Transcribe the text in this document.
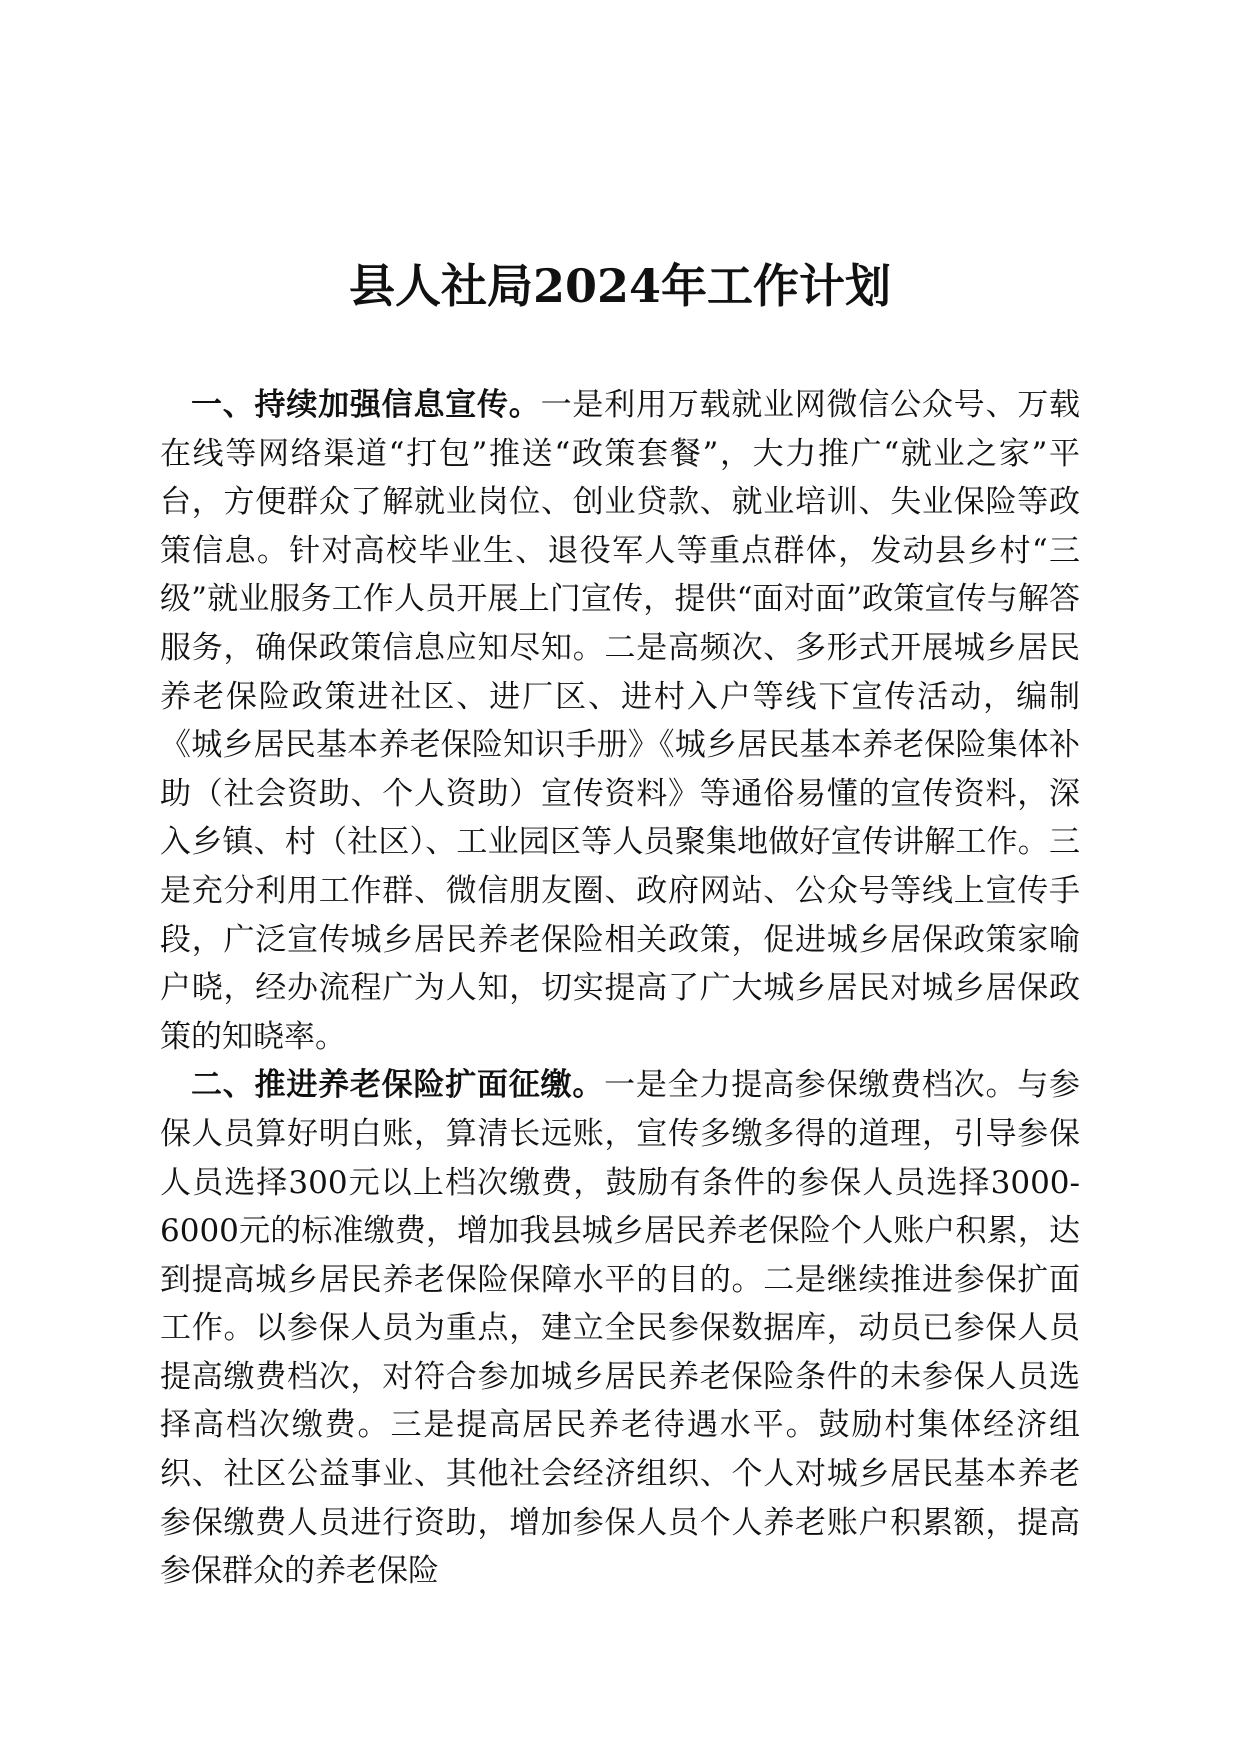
县人社局2024年工作计划

一、持续加强信息宣传。一是利用万载就业网微信公众号、万载在线等网络渠道“打包”推送“政策套餐”，大力推广“就业之家”平台，方便群众了解就业岗位、创业贷款、就业培训、失业保险等政策信息。针对高校毕业生、退役军人等重点群体，发动县乡村“三级”就业服务工作人员开展上门宣传，提供“面对面”政策宣传与解答服务，确保政策信息应知尽知。二是高频次、多形式开展城乡居民养老保险政策进社区、进厂区、进村入户等线下宣传活动，编制《城乡居民基本养老保险知识手册》《城乡居民基本养老保险集体补助（社会资助、个人资助）宣传资料》等通俗易懂的宣传资料，深入乡镇、村（社区）、工业园区等人员聚集地做好宣传讲解工作。三是充分利用工作群、微信朋友圈、政府网站、公众号等线上宣传手段，广泛宣传城乡居民养老保险相关政策，促进城乡居保政策家喻户晓，经办流程广为人知，切实提高了广大城乡居民对城乡居保政策的知晓率。

二、推进养老保险扩面征缴。一是全力提高参保缴费档次。与参保人员算好明白账，算清长远账，宣传多缴多得的道理，引导参保人员选择300元以上档次缴费，鼓励有条件的参保人员选择3000-6000元的标准缴费，增加我县城乡居民养老保险个人账户积累，达到提高城乡居民养老保险保障水平的目的。二是继续推进参保扩面工作。以参保人员为重点，建立全民参保数据库，动员已参保人员提高缴费档次，对符合参加城乡居民养老保险条件的未参保人员选择高档次缴费。三是提高居民养老待遇水平。鼓励村集体经济组织、社区公益事业、其他社会经济组织、个人对城乡居民基本养老参保缴费人员进行资助，增加参保人员个人养老账户积累额，提高参保群众的养老保险
